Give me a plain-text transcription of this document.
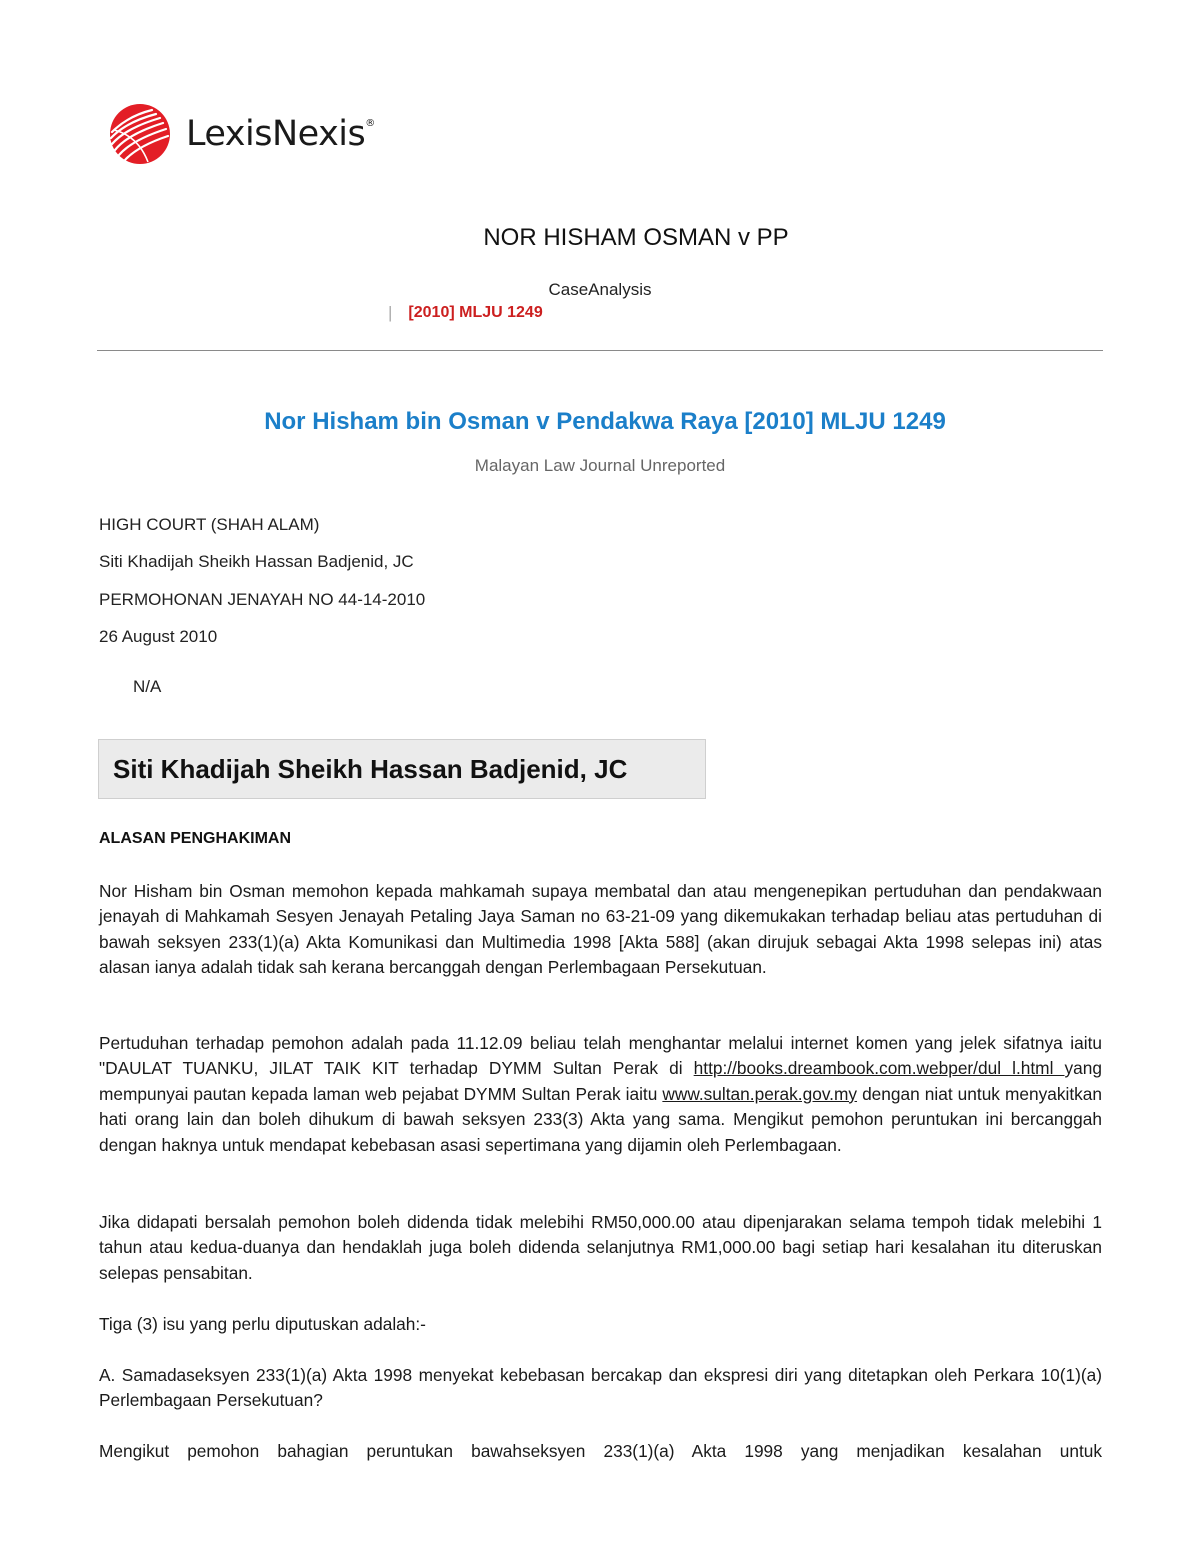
LexisNexis®
NOR HISHAM OSMAN v PP
CaseAnalysis
| [2010] MLJU 1249
Nor Hisham bin Osman v Pendakwa Raya [2010] MLJU 1249
Malayan Law Journal Unreported
HIGH COURT (SHAH ALAM)
Siti Khadijah Sheikh Hassan Badjenid, JC
PERMOHONAN JENAYAH NO 44-14-2010
26 August 2010
N/A
Siti Khadijah Sheikh Hassan Badjenid, JC
ALASAN PENGHAKIMAN

Nor Hisham bin Osman memohon kepada mahkamah supaya membatal dan atau mengenepikan pertuduhan dan pendakwaan jenayah di Mahkamah Sesyen Jenayah Petaling Jaya Saman no 63-21-09 yang dikemukakan terhadap beliau atas pertuduhan di bawah seksyen 233(1)(a) Akta Komunikasi dan Multimedia 1998 [Akta 588] (akan dirujuk sebagai Akta 1998 selepas ini) atas alasan ianya adalah tidak sah kerana bercanggah dengan Perlembagaan Persekutuan.

Pertuduhan terhadap pemohon adalah pada 11.12.09 beliau telah menghantar melalui internet komen yang jelek sifatnya iaitu "DAULAT TUANKU, JILAT TAIK KIT terhadap DYMM Sultan Perak di http://books.dreambook.com.webper/dul l.html yang mempunyai pautan kepada laman web pejabat DYMM Sultan Perak iaitu www.sultan.perak.gov.my dengan niat untuk menyakitkan hati orang lain dan boleh dihukum di bawah seksyen 233(3) Akta yang sama. Mengikut pemohon peruntukan ini bercanggah dengan haknya untuk mendapat kebebasan asasi sepertimana yang dijamin oleh Perlembagaan.

Jika didapati bersalah pemohon boleh didenda tidak melebihi RM50,000.00 atau dipenjarakan selama tempoh tidak melebihi 1 tahun atau kedua-duanya dan hendaklah juga boleh didenda selanjutnya RM1,000.00 bagi setiap hari kesalahan itu diteruskan selepas pensabitan.

Tiga (3) isu yang perlu diputuskan adalah:-

A. Samadaseksyen 233(1)(a) Akta 1998 menyekat kebebasan bercakap dan ekspresi diri yang ditetapkan oleh Perkara 10(1)(a) Perlembagaan Persekutuan?

Mengikut pemohon bahagian peruntukan bawahseksyen 233(1)(a) Akta 1998 yang menjadikan kesalahan untuk
